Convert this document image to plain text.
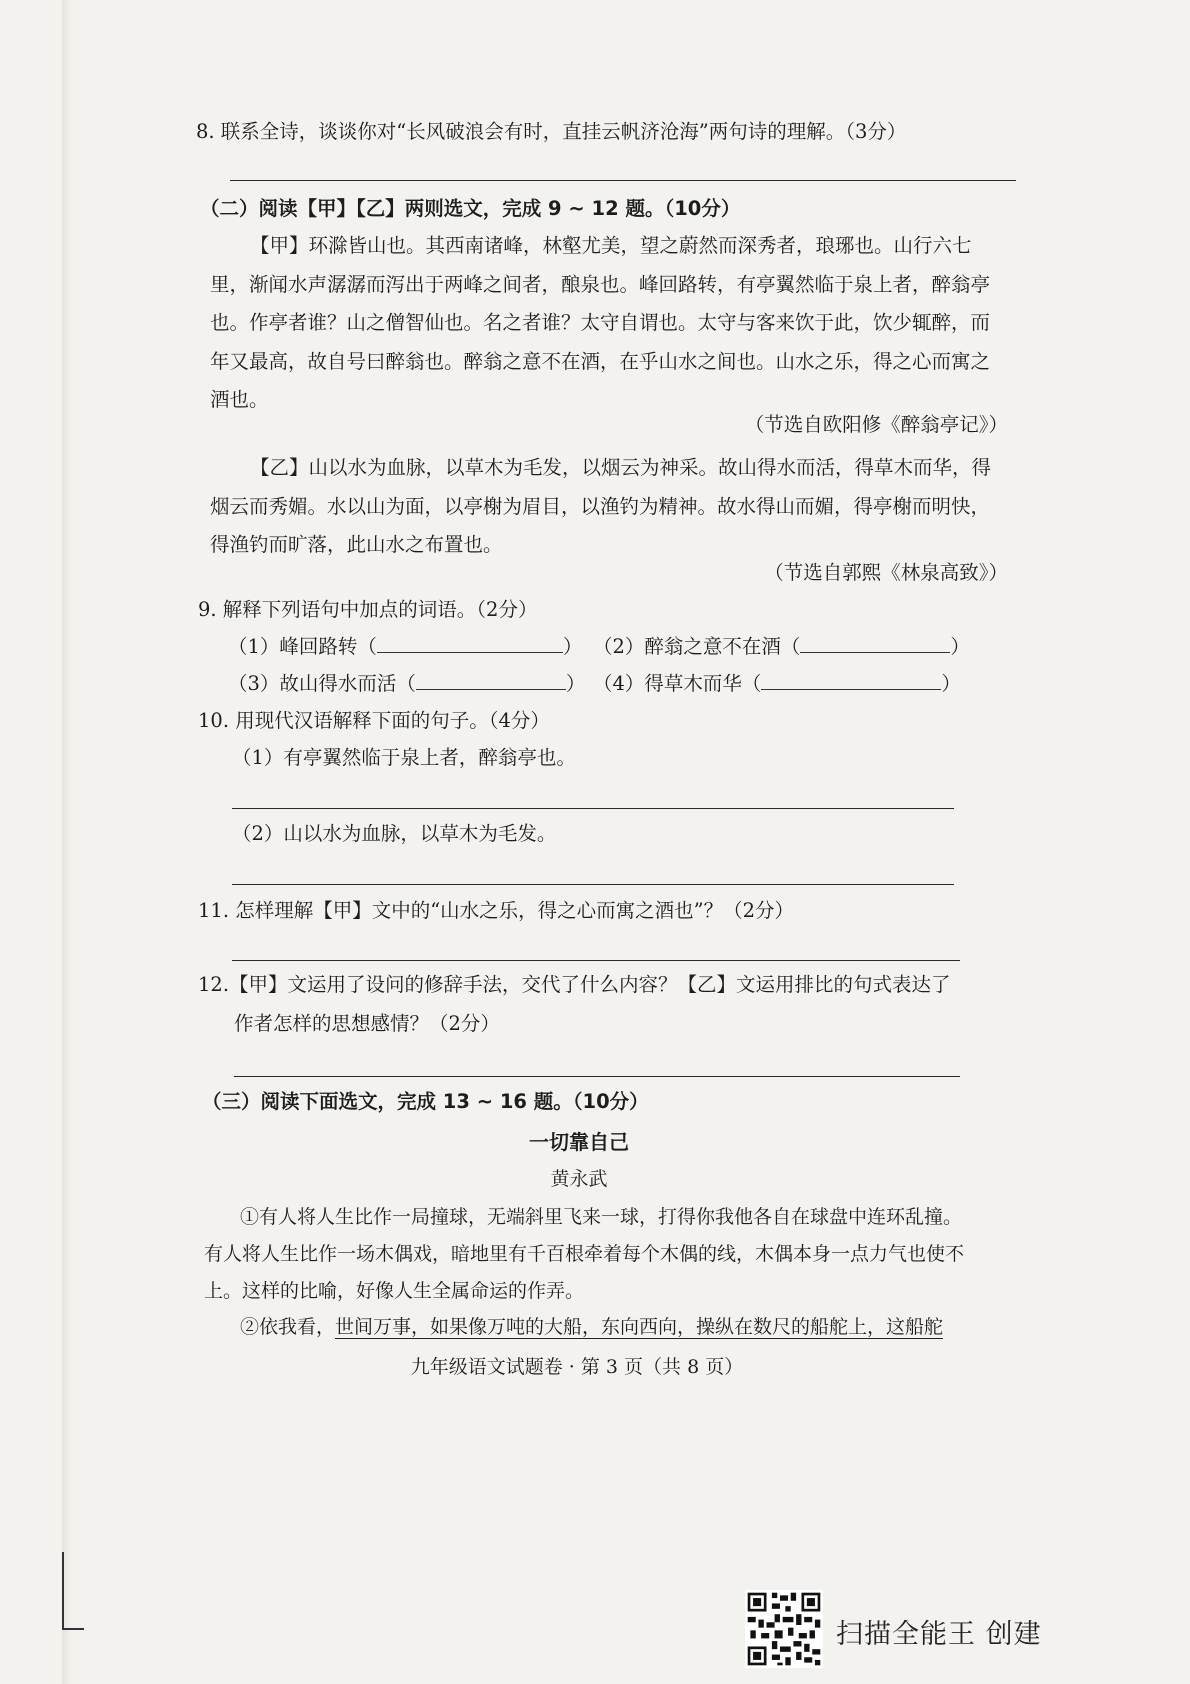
8. 联系全诗，谈谈你对“长风破浪会有时，直挂云帆济沧海”两句诗的理解。（3分）
（二）阅读【甲】【乙】两则选文，完成 9 ~ 12 题。（10分）

【甲】环滁皆山也。其西南诸峰，林壑尤美，望之蔚然而深秀者，琅琊也。山行六七里，渐闻水声潺潺而泻出于两峰之间者，酿泉也。峰回路转，有亭翼然临于泉上者，醉翁亭也。作亭者谁？山之僧智仙也。名之者谁？太守自谓也。太守与客来饮于此，饮少辄醉，而年又最高，故自号曰醉翁也。醉翁之意不在酒，在乎山水之间也。山水之乐，得之心而寓之酒也。

（节选自欧阳修《醉翁亭记》）

【乙】山以水为血脉，以草木为毛发，以烟云为神采。故山得水而活，得草木而华，得烟云而秀媚。水以山为面，以亭榭为眉目，以渔钓为精神。故水得山而媚，得亭榭而明快，得渔钓而旷落，此山水之布置也。

（节选自郭熙《林泉高致》）
9. 解释下列语句中加点的词语。（2分）
（1）峰回路转（	） （2）醉翁之意不在酒（	）
（3）故山得水而活（	） （4）得草木而华（	）
10. 用现代汉语解释下面的句子。（4分）
（1）有亭翼然临于泉上者，醉翁亭也。
（2）山以水为血脉，以草木为毛发。
11. 怎样理解【甲】文中的“山水之乐，得之心而寓之酒也”？（2分）
12.【甲】文运用了设问的修辞手法，交代了什么内容？【乙】文运用排比的句式表达了
作者怎样的思想感情？（2分）
（三）阅读下面选文，完成 13 ~ 16 题。（10分）
一切靠自己
黄永武

①有人将人生比作一局撞球，无端斜里飞来一球，打得你我他各自在球盘中连环乱撞。有人将人生比作一场木偶戏，暗地里有千百根牵着每个木偶的线，木偶本身一点力气也使不上。这样的比喻，好像人生全属命运的作弄。

②依我看，世间万事，如果像万吨的大船，东向西向，操纵在数尺的船舵上，这船舵
九年级语文试题卷 · 第 3 页（共 8 页）
扫描全能王 创建
